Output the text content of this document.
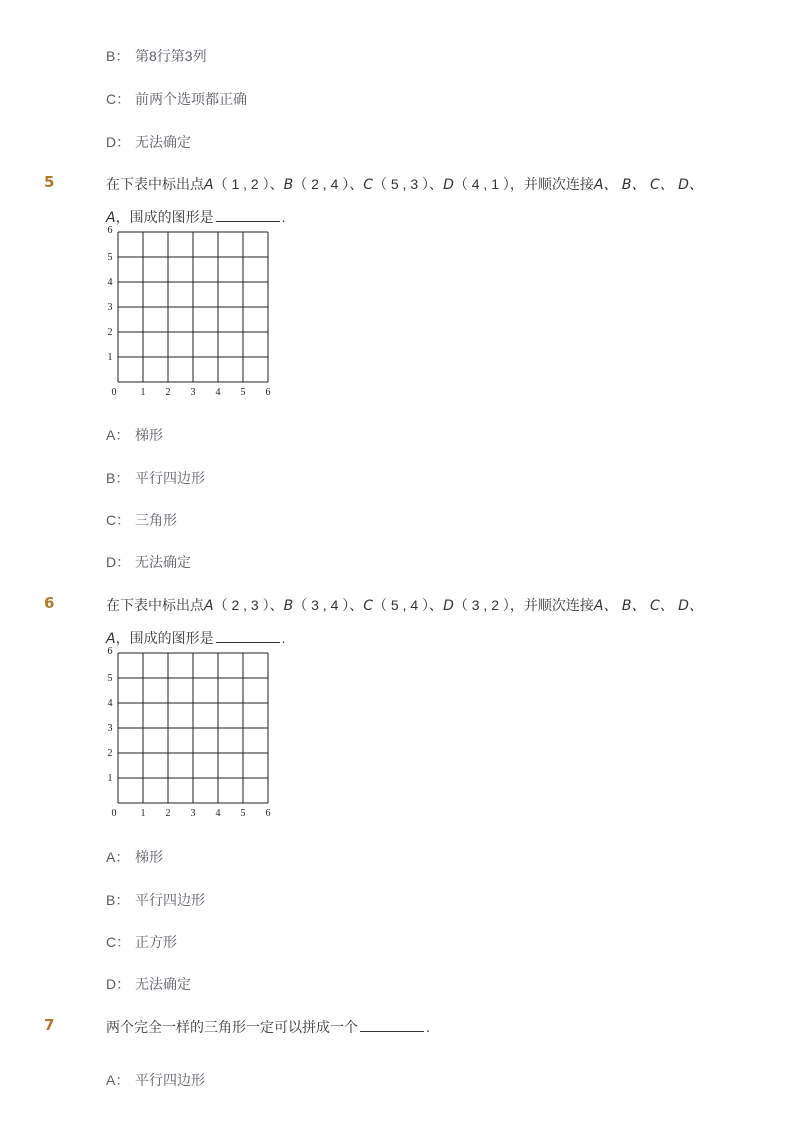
B： 第8行第3列
C： 前两个选项都正确
D： 无法确定
5	在下表中标出点A（ 1 , 2 ）、B（ 2 , 4 ）、C（ 5 , 3 ）、D（ 4 , 1 ），并顺次连接A、 B、 C、 D、
A，围成的图形是	.
0 1 2 3 4 5 6
1
2
3
4
5
6
A： 梯形
B： 平行四边形
C： 三角形
D： 无法确定
6	在下表中标出点A（ 2 , 3 ）、B（ 3 , 4 ）、C（ 5 , 4 ）、D（ 3 , 2 ），并顺次连接A、 B、 C、 D、
A，围成的图形是	.
0 1 2 3 4 5 6
1
2
3
4
5
6
A： 梯形
B： 平行四边形
C： 正方形
D： 无法确定
7	两个完全一样的三角形一定可以拼成一个	.
A： 平行四边形
